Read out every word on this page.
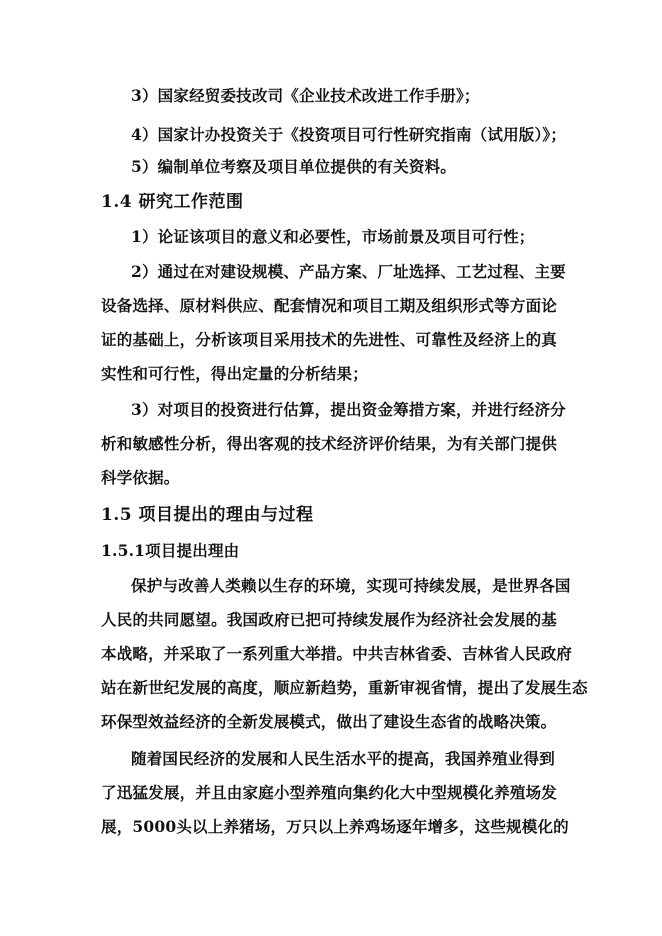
3）国家经贸委技改司《企业技术改进工作手册》；
4）国家计办投资关于《投资项目可行性研究指南（试用版）》；
5）编制单位考察及项目单位提供的有关资料。
1.4 研究工作范围
1）论证该项目的意义和必要性，市场前景及项目可行性；
2）通过在对建设规模、产品方案、厂址选择、工艺过程、主要
设备选择、原材料供应、配套情况和项目工期及组织形式等方面论
证的基础上，分析该项目采用技术的先进性、可靠性及经济上的真
实性和可行性，得出定量的分析结果；
3）对项目的投资进行估算，提出资金筹措方案，并进行经济分
析和敏感性分析，得出客观的技术经济评价结果，为有关部门提供
科学依据。
1.5 项目提出的理由与过程
1.5.1项目提出理由
保护与改善人类赖以生存的环境，实现可持续发展，是世界各国
人民的共同愿望。我国政府已把可持续发展作为经济社会发展的基
本战略，并采取了一系列重大举措。中共吉林省委、吉林省人民政府
站在新世纪发展的高度，顺应新趋势，重新审视省情，提出了发展生态
环保型效益经济的全新发展模式，做出了建设生态省的战略决策。
随着国民经济的发展和人民生活水平的提高，我国养殖业得到
了迅猛发展，并且由家庭小型养殖向集约化大中型规模化养殖场发
展，5000头以上养猪场，万只以上养鸡场逐年增多，这些规模化的
